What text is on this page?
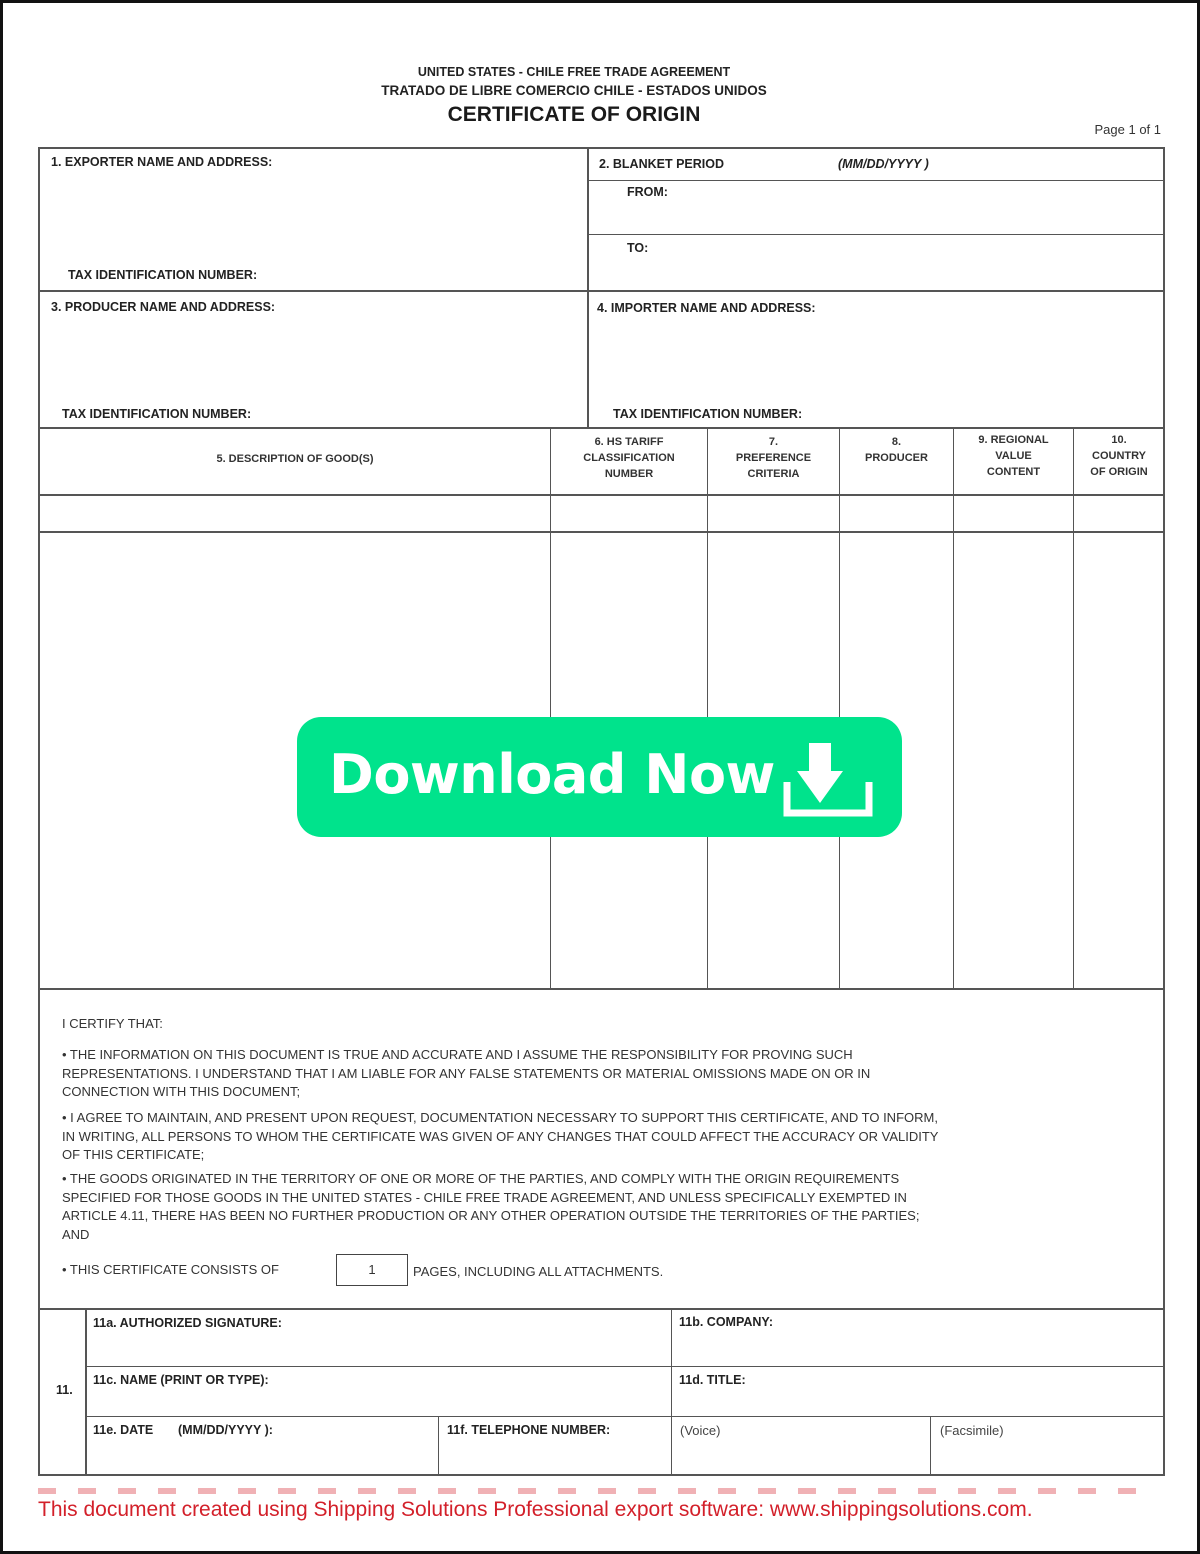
UNITED STATES - CHILE FREE TRADE AGREEMENT
TRATADO DE LIBRE COMERCIO CHILE - ESTADOS UNIDOS
CERTIFICATE OF ORIGIN
Page 1 of 1
1. EXPORTER NAME AND ADDRESS:
TAX IDENTIFICATION NUMBER:
2. BLANKET PERIOD	(MM/DD/YYYY )
FROM:
TO:
3. PRODUCER NAME AND ADDRESS:
TAX IDENTIFICATION NUMBER:
4. IMPORTER NAME AND ADDRESS:
TAX IDENTIFICATION NUMBER:
5. DESCRIPTION OF GOOD(S)
6. HS TARIFF
CLASSIFICATION
NUMBER
7.
PREFERENCE
CRITERIA
8.
PRODUCER
9. REGIONAL
VALUE
CONTENT
10.
COUNTRY
OF ORIGIN
I CERTIFY THAT:
• THE INFORMATION ON THIS DOCUMENT IS TRUE AND ACCURATE AND I ASSUME THE RESPONSIBILITY FOR PROVING SUCH
REPRESENTATIONS. I UNDERSTAND THAT I AM LIABLE FOR ANY FALSE STATEMENTS OR MATERIAL OMISSIONS MADE ON OR IN
CONNECTION WITH THIS DOCUMENT;
• I AGREE TO MAINTAIN, AND PRESENT UPON REQUEST, DOCUMENTATION NECESSARY TO SUPPORT THIS CERTIFICATE, AND TO INFORM,
IN WRITING, ALL PERSONS TO WHOM THE CERTIFICATE WAS GIVEN OF ANY CHANGES THAT COULD AFFECT THE ACCURACY OR VALIDITY
OF THIS CERTIFICATE;
• THE GOODS ORIGINATED IN THE TERRITORY OF ONE OR MORE OF THE PARTIES, AND COMPLY WITH THE ORIGIN REQUIREMENTS
SPECIFIED FOR THOSE GOODS IN THE UNITED STATES - CHILE FREE TRADE AGREEMENT, AND UNLESS SPECIFICALLY EXEMPTED IN
ARTICLE 4.11, THERE HAS BEEN NO FURTHER PRODUCTION OR ANY OTHER OPERATION OUTSIDE THE TERRITORIES OF THE PARTIES;
AND
• THIS CERTIFICATE CONSISTS OF	1	PAGES, INCLUDING ALL ATTACHMENTS.
11.
11a. AUTHORIZED SIGNATURE:	11b. COMPANY:
11c. NAME (PRINT OR TYPE):	11d. TITLE:
11e. DATE (MM/DD/YYYY ):	11f. TELEPHONE NUMBER:	(Voice)	(Facsimile)
This document created using Shipping Solutions Professional export software: www.shippingsolutions.com.
Download Now
